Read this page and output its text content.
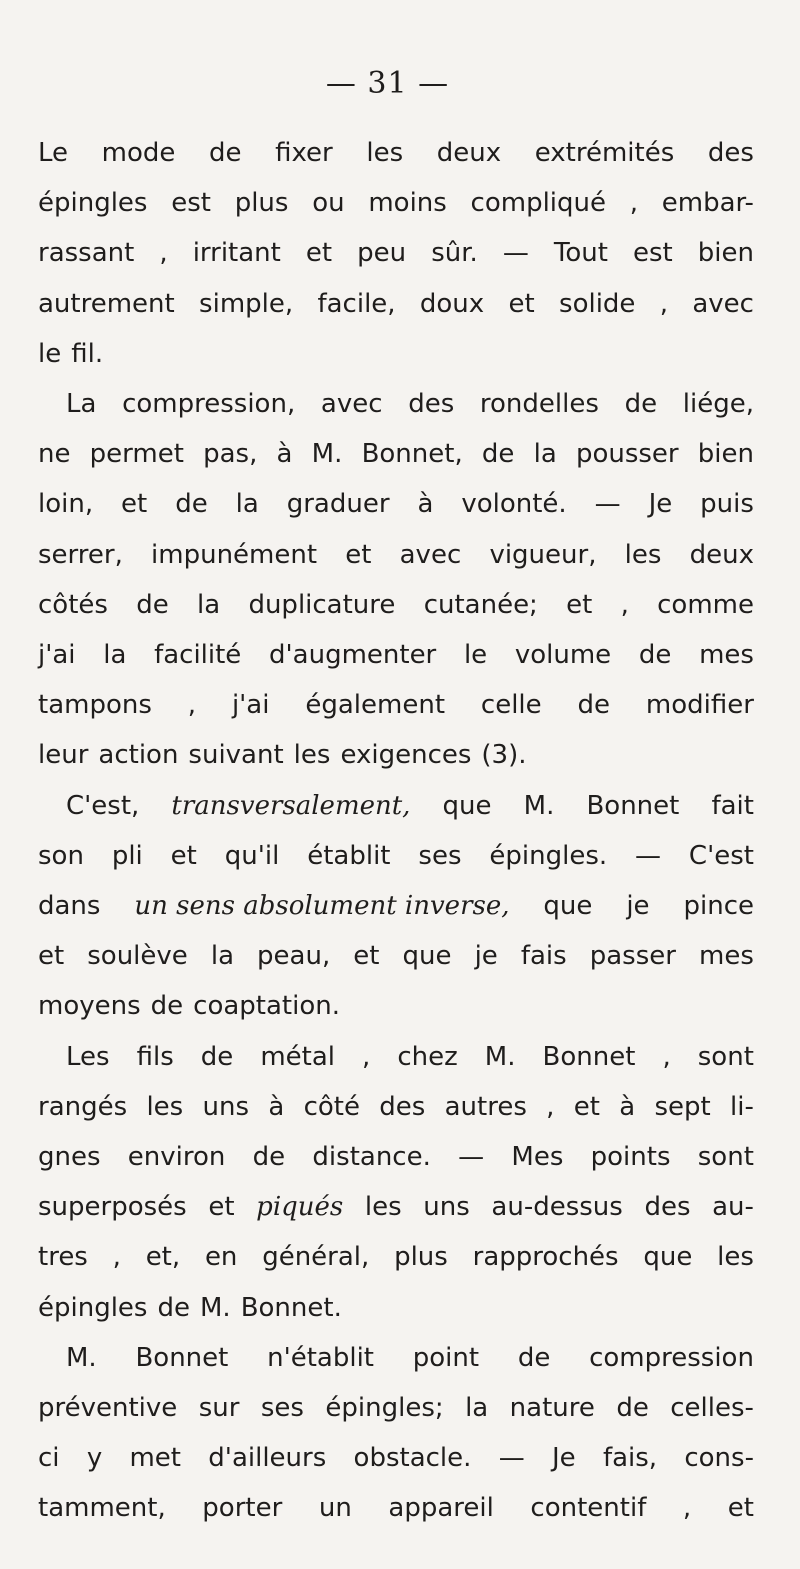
— 31 —
Le mode de fixer les deux extrémités des
épingles est plus ou moins compliqué , embar-
rassant , irritant et peu sûr. — Tout est bien
autrement simple, facile, doux et solide , avec
le fil.
La compression, avec des rondelles de liége,
ne permet pas, à M. Bonnet, de la pousser bien
loin, et de la graduer à volonté. — Je puis
serrer, impunément et avec vigueur, les deux
côtés de la duplicature cutanée; et , comme
j'ai la facilité d'augmenter le volume de mes
tampons , j'ai également celle de modifier
leur action suivant les exigences (3).
C'est, transversalement, que M. Bonnet fait
son pli et qu'il établit ses épingles. — C'est
dans un sens absolument inverse, que je pince
et soulève la peau, et que je fais passer mes
moyens de coaptation.
Les fils de métal , chez M. Bonnet , sont
rangés les uns à côté des autres , et à sept li-
gnes environ de distance. — Mes points sont
superposés et piqués les uns au-dessus des au-
tres , et, en général, plus rapprochés que les
épingles de M. Bonnet.
M. Bonnet n'établit point de compression
préventive sur ses épingles; la nature de celles-
ci y met d'ailleurs obstacle. — Je fais, cons-
tamment, porter un appareil contentif , et
